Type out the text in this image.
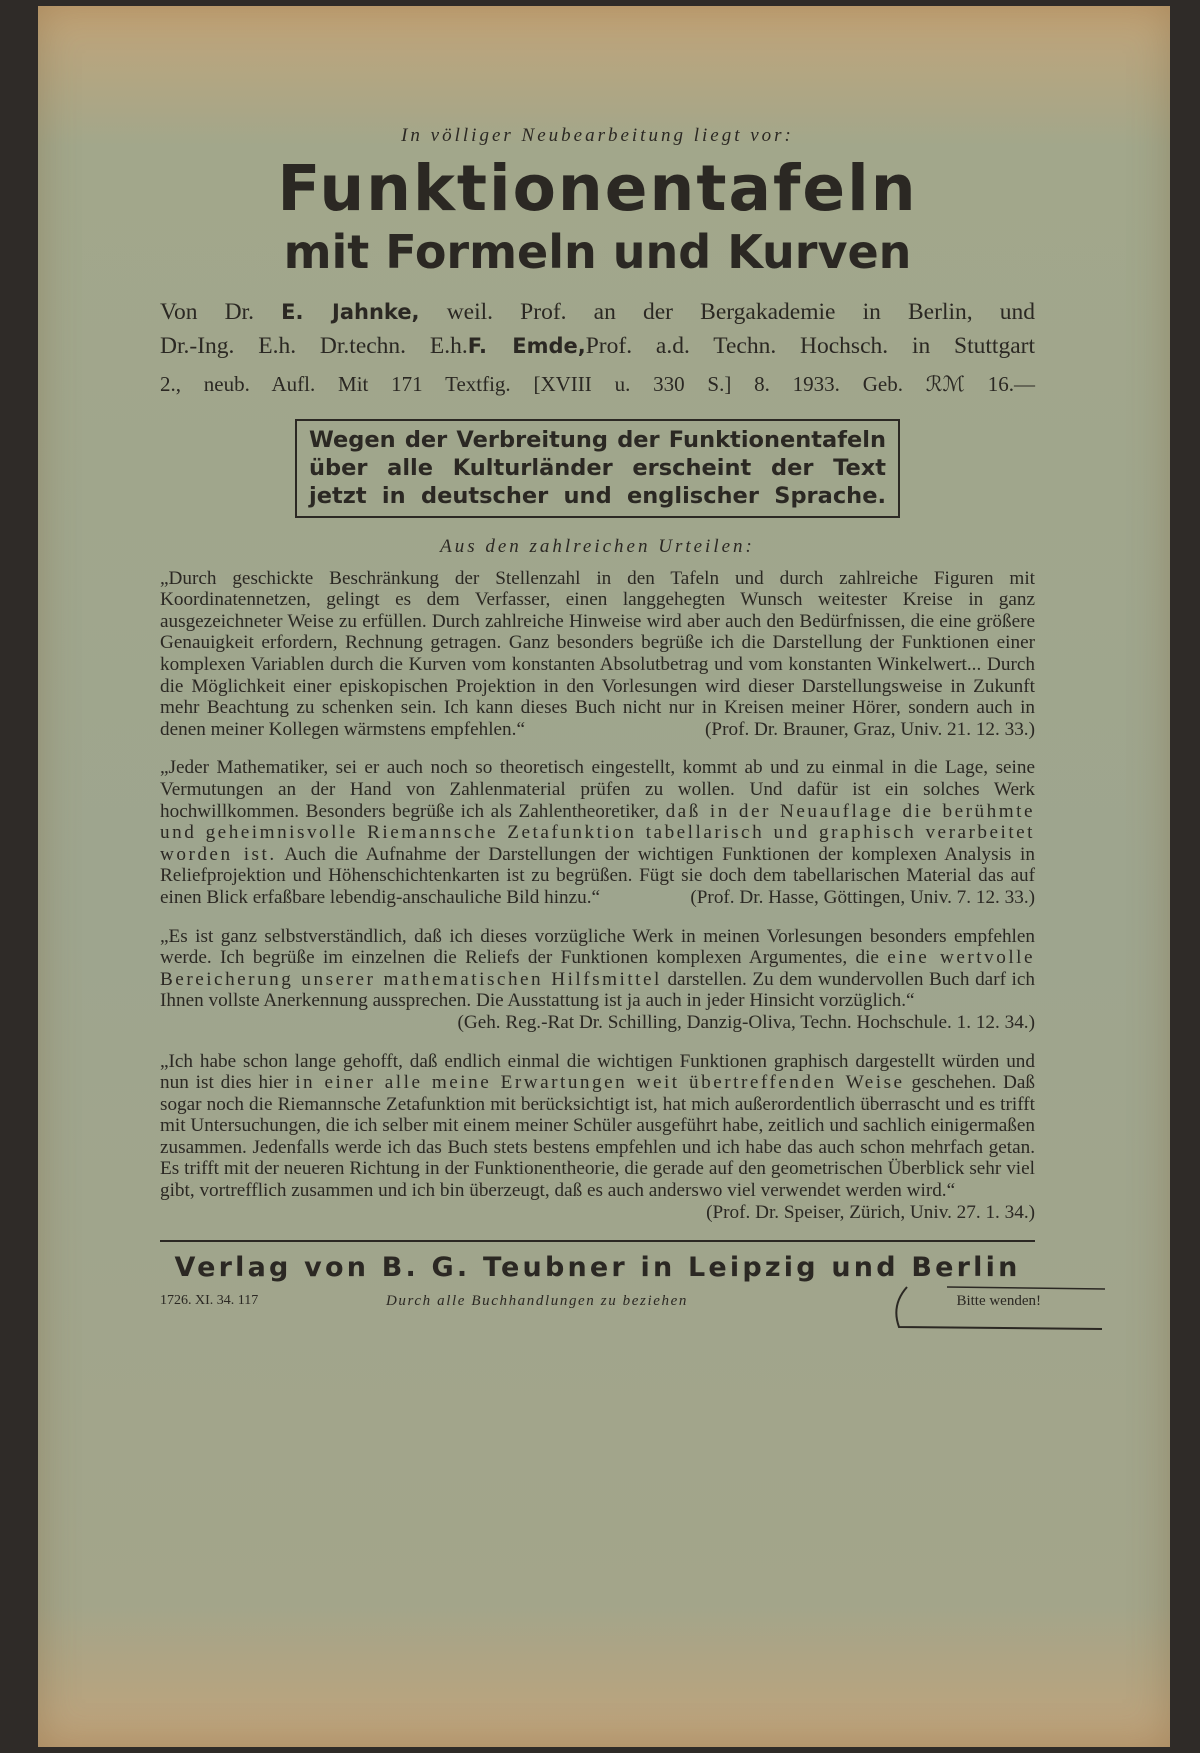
In völliger Neubearbeitung liegt vor:

Funktionentafeln
mit Formeln und Kurven
Von Dr. E. Jahnke, weil. Prof. an der Bergakademie in Berlin, und
Dr.-Ing. E.h. Dr.techn. E.h.F. Emde,Prof. a.d. Techn. Hochsch. in Stuttgart
2., neub. Aufl. Mit 171 Textfig. [XVIII u. 330 S.] 8. 1933. Geb. ℛℳ 16.—
Wegen der Verbreitung der Funktionentafeln
über alle Kulturländer erscheint der Text
jetzt in deutscher und englischer Sprache.

Aus den zahlreichen Urteilen:

„Durch geschickte Beschränkung der Stellenzahl in den Tafeln und durch zahlreiche Figuren mit Koordinatennetzen, gelingt es dem Verfasser, einen langgehegten Wunsch weitester Kreise in ganz ausgezeichneter Weise zu erfüllen. Durch zahlreiche Hinweise wird aber auch den Bedürfnissen, die eine größere Genauigkeit erfordern, Rechnung getragen. Ganz besonders begrüße ich die Darstellung der Funktionen einer komplexen Variablen durch die Kurven vom konstanten Absolutbetrag und vom konstanten Winkelwert... Durch die Möglichkeit einer episkopischen Projektion in den Vorlesungen wird dieser Darstellungsweise in Zukunft mehr Beachtung zu schenken sein. Ich kann dieses Buch nicht nur in Kreisen meiner Hörer, sondern auch in denen meiner Kollegen wärmstens empfehlen.“	(Prof. Dr. Brauner, Graz, Univ. 21. 12. 33.)
„Jeder Mathematiker, sei er auch noch so theoretisch eingestellt, kommt ab und zu einmal in die Lage, seine Vermutungen an der Hand von Zahlenmaterial prüfen zu wollen. Und dafür ist ein solches Werk hochwillkommen. Besonders begrüße ich als Zahlentheoretiker, daß in der Neuauflage die berühmte und geheimnisvolle Riemannsche Zetafunktion tabellarisch und graphisch verarbeitet worden ist. Auch die Aufnahme der Darstellungen der wichtigen Funktionen der komplexen Analysis in Reliefprojektion und Höhenschichtenkarten ist zu begrüßen. Fügt sie doch dem tabellarischen Material das auf einen Blick erfaßbare lebendig-anschauliche Bild hinzu.“	(Prof. Dr. Hasse, Göttingen, Univ. 7. 12. 33.)
„Es ist ganz selbstverständlich, daß ich dieses vorzügliche Werk in meinen Vorlesungen besonders empfehlen werde. Ich begrüße im einzelnen die Reliefs der Funktionen komplexen Argumentes, die eine wertvolle Bereicherung unserer mathematischen Hilfsmittel darstellen. Zu dem wundervollen Buch darf ich Ihnen vollste Anerkennung aussprechen. Die Ausstattung ist ja auch in jeder Hinsicht vorzüglich.“
(Geh. Reg.-Rat Dr. Schilling, Danzig-Oliva, Techn. Hochschule. 1. 12. 34.)
„Ich habe schon lange gehofft, daß endlich einmal die wichtigen Funktionen graphisch dargestellt würden und nun ist dies hier in einer alle meine Erwartungen weit übertreffenden Weise geschehen. Daß sogar noch die Riemannsche Zetafunktion mit berücksichtigt ist, hat mich außerordentlich überrascht und es trifft mit Untersuchungen, die ich selber mit einem meiner Schüler ausgeführt habe, zeitlich und sachlich einigermaßen zusammen. Jedenfalls werde ich das Buch stets bestens empfehlen und ich habe das auch schon mehrfach getan. Es trifft mit der neueren Richtung in der Funktionentheorie, die gerade auf den geometrischen Überblick sehr viel gibt, vortrefflich zusammen und ich bin überzeugt, daß es auch anderswo viel verwendet werden wird.“
(Prof. Dr. Speiser, Zürich, Univ. 27. 1. 34.)

Verlag von B. G. Teubner in Leipzig und Berlin

1726. XI. 34. 117	Durch alle Buchhandlungen zu beziehen	Bitte wenden!
